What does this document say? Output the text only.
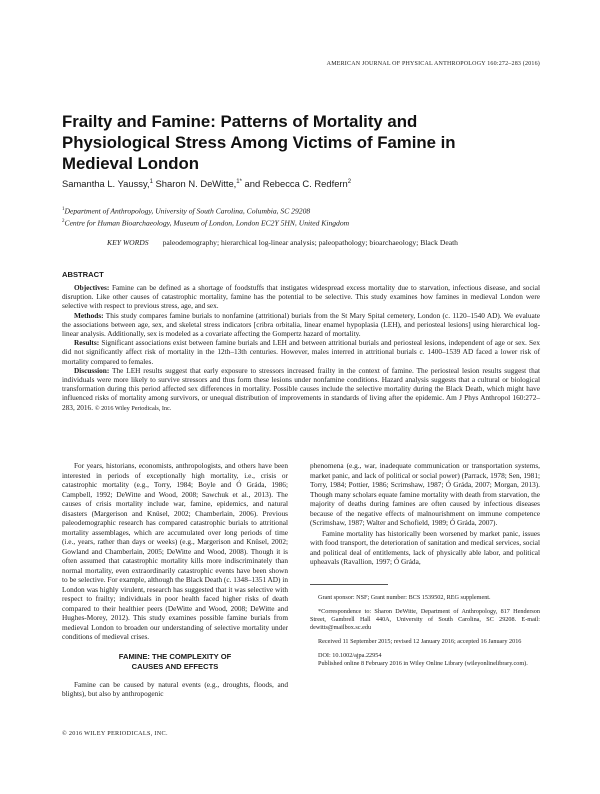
AMERICAN JOURNAL OF PHYSICAL ANTHROPOLOGY 160:272–283 (2016)
Frailty and Famine: Patterns of Mortality and Physiological Stress Among Victims of Famine in Medieval London
Samantha L. Yaussy,$^1$ Sharon N. DeWitte,$^{1*}$ and Rebecca C. Redfern$^2$
$^1$Department of Anthropology, University of South Carolina, Columbia, SC 29208
$^2$Centre for Human Bioarchaeology, Museum of London, London EC2Y 5HN, United Kingdom
KEY WORDS paleodemography; hierarchical log-linear analysis; paleopathology; bioarchaeology; Black Death
ABSTRACT

Objectives: Famine can be defined as a shortage of foodstuffs that instigates widespread excess mortality due to starvation, infectious disease, and social disruption. Like other causes of catastrophic mortality, famine has the potential to be selective. This study examines how famines in medieval London were selective with respect to previous stress, age, and sex.

Methods: This study compares famine burials to nonfamine (attritional) burials from the St Mary Spital cemetery, London (c. 1120–1540 AD). We evaluate the associations between age, sex, and skeletal stress indicators [cribra orbitalia, linear enamel hypoplasia (LEH), and periosteal lesions] using hierarchical log-linear analysis. Additionally, sex is modeled as a covariate affecting the Gompertz hazard of mortality.

Results: Significant associations exist between famine burials and LEH and between attritional burials and periosteal lesions, independent of age or sex. Sex did not significantly affect risk of mortality in the 12th–13th centuries. However, males interred in attritional burials c. 1400–1539 AD faced a lower risk of mortality compared to females.

Discussion: The LEH results suggest that early exposure to stressors increased frailty in the context of famine. The periosteal lesion results suggest that individuals were more likely to survive stressors and thus form these lesions under nonfamine conditions. Hazard analysis suggests that a cultural or biological transformation during this period affected sex differences in mortality. Possible causes include the selective mortality during the Black Death, which might have influenced risks of mortality among survivors, or unequal distribution of improvements in standards of living after the epidemic. Am J Phys Anthropol 160:272–283, 2016. © 2016 Wiley Periodicals, Inc.

For years, historians, economists, anthropologists, and others have been interested in periods of exceptionally high mortality, i.e., crisis or catastrophic mortality (e.g., Torry, 1984; Boyle and Ó Gráda, 1986; Campbell, 1992; DeWitte and Wood, 2008; Sawchuk et al., 2013). The causes of crisis mortality include war, famine, epidemics, and natural disasters (Margerison and Knüsel, 2002; Chamberlain, 2006). Previous paleodemographic research has compared catastrophic burials to attritional mortality assemblages, which are accumulated over long periods of time (i.e., years, rather than days or weeks) (e.g., Margerison and Knüsel, 2002; Gowland and Chamberlain, 2005; DeWitte and Wood, 2008). Though it is often assumed that catastrophic mortality kills more indiscriminately than normal mortality, even extraordinarily catastrophic events have been shown to be selective. For example, although the Black Death (c. 1348–1351 AD) in London was highly virulent, research has suggested that it was selective with respect to frailty; individuals in poor health faced higher risks of death compared to their healthier peers (DeWitte and Wood, 2008; DeWitte and Hughes-Morey, 2012). This study examines possible famine burials from medieval London to broaden our understanding of selective mortality under conditions of medieval crises.

FAMINE: THE COMPLEXITY OF
CAUSES AND EFFECTS

Famine can be caused by natural events (e.g., droughts, floods, and blights), but also by anthropogenic

phenomena (e.g., war, inadequate communication or transportation systems, market panic, and lack of political or social power) (Parrack, 1978; Sen, 1981; Torry, 1984; Pottier, 1986; Scrimshaw, 1987; Ó Gráda, 2007; Morgan, 2013). Though many scholars equate famine mortality with death from starvation, the majority of deaths during famines are often caused by infectious diseases because of the negative effects of malnourishment on immune competence (Scrimshaw, 1987; Walter and Schofield, 1989; Ó Gráda, 2007).

Famine mortality has historically been worsened by market panic, issues with food transport, the deterioration of sanitation and medical services, social and political deal of entitlements, lack of physically able labor, and political upheavals (Ravallion, 1997; Ó Gráda,

Grant sponsor: NSF; Grant number: BCS 1539502, REG supplement.

*Correspondence to: Sharon DeWitte, Department of Anthropology, 817 Henderson Street, Gambrell Hall 440A, University of South Carolina, SC 29208. E-mail: dewitts@mailbox.sc.edu

Received 11 September 2015; revised 12 January 2016; accepted 16 January 2016

DOI: 10.1002/ajpa.22954

Published online 8 February 2016 in Wiley Online Library (wileyonlinelibrary.com).

© 2016 WILEY PERIODICALS, INC.
